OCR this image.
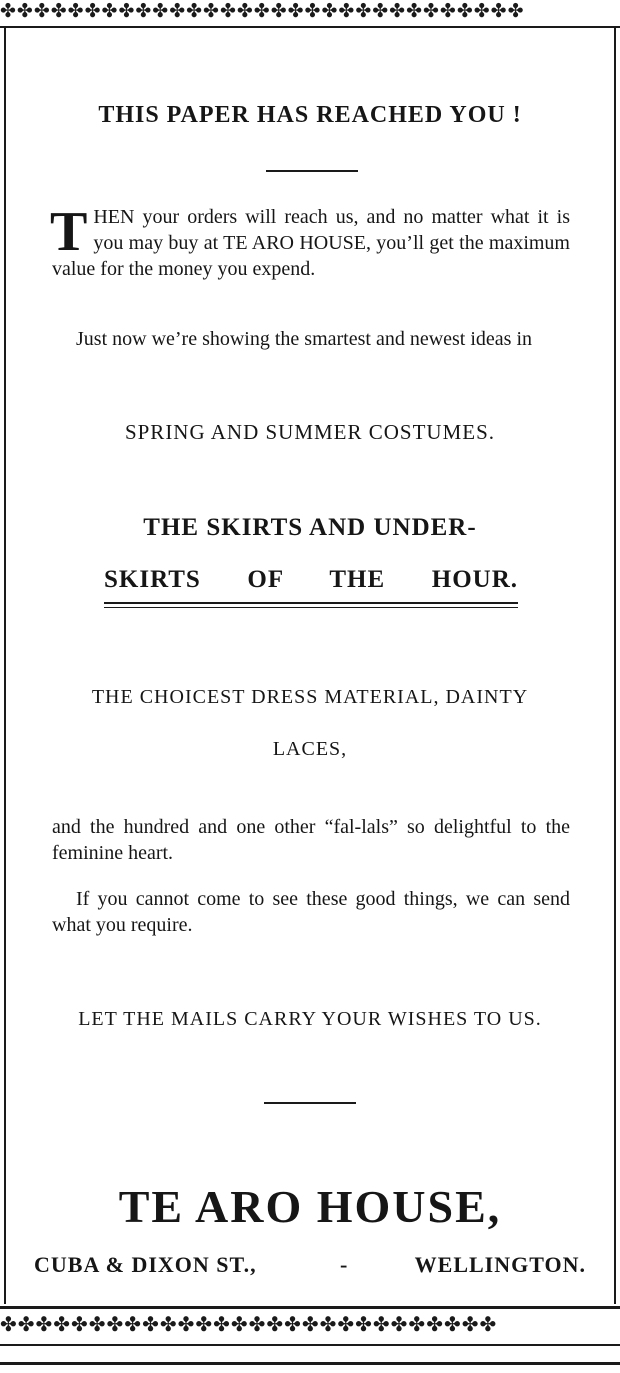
✤✤✤✤✤✤✤✤✤✤✤✤✤✤✤✤✤✤✤✤✤✤✤✤✤✤✤✤✤✤✤

THIS PAPER HAS REACHED YOU !

THEN your orders will reach us, and no matter what it is you may buy at TE ARO HOUSE, you’ll get the maximum value for the money you expend.

Just now we’re showing the smartest and newest ideas in

SPRING AND SUMMER COSTUMES.

THE SKIRTS AND UNDER-

SKIRTS OF THE HOUR.

THE CHOICEST DRESS MATERIAL, DAINTY

LACES,

and the hundred and one other “fal-lals” so delightful to the feminine heart.

If you cannot come to see these good things, we can send what you require.

LET THE MAILS CARRY YOUR WISHES TO US.

TE ARO HOUSE,

CUBA & DIXON ST.,	-	WELLINGTON.
✤✤✤✤✤✤✤✤✤✤✤✤✤✤✤✤✤✤✤✤✤✤✤✤✤✤✤✤
